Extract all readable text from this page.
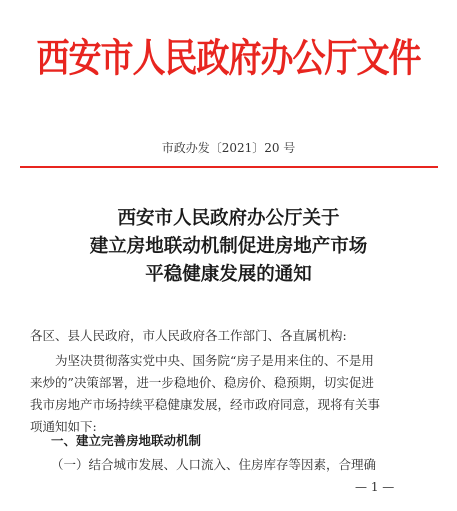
西安市人民政府办公厅文件
市政办发〔2021〕20 号
西安市人民政府办公厅关于
建立房地联动机制促进房地产市场
平稳健康发展的通知
各区、县人民政府，市人民政府各工作部门、各直属机构:
为坚决贯彻落实党中央、国务院“房子是用来住的、不是用
来炒的”决策部署，进一步稳地价、稳房价、稳预期，切实促进
我市房地产市场持续平稳健康发展，经市政府同意，现将有关事
项通知如下:
一、建立完善房地联动机制
（一）结合城市发展、人口流入、住房库存等因素，合理确
— 1 —
